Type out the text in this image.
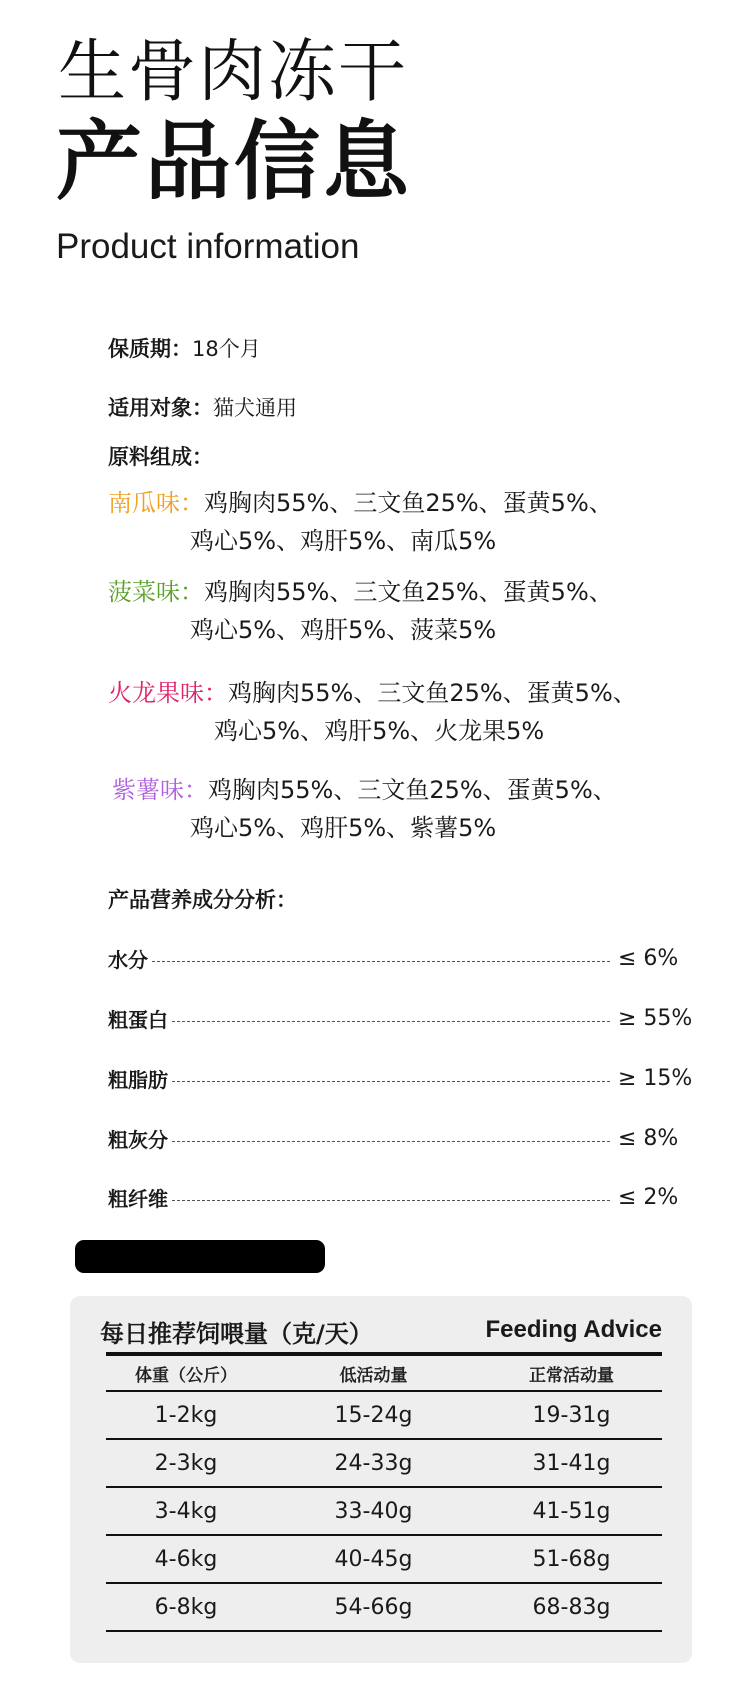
生骨肉冻干
产品信息
Product information
保质期：18个月
适用对象：猫犬通用
原料组成：
南瓜味：鸡胸肉55%、三文鱼25%、蛋黄5%、
鸡心5%、鸡肝5%、南瓜5%
菠菜味：鸡胸肉55%、三文鱼25%、蛋黄5%、
鸡心5%、鸡肝5%、菠菜5%
火龙果味：鸡胸肉55%、三文鱼25%、蛋黄5%、
鸡心5%、鸡肝5%、火龙果5%
紫薯味：鸡胸肉55%、三文鱼25%、蛋黄5%、
鸡心5%、鸡肝5%、紫薯5%
产品营养成分分析：
水分	≤ 6%
粗蛋白	≥ 55%
粗脂肪	≥ 15%
粗灰分	≤ 8%
粗纤维	≤ 2%
每日推荐饲喂量（克/天）	Feeding Advice
体重（公斤）	低活动量	正常活动量
1-2kg	15-24g	19-31g
2-3kg	24-33g	31-41g
3-4kg	33-40g	41-51g
4-6kg	40-45g	51-68g
6-8kg	54-66g	68-83g
